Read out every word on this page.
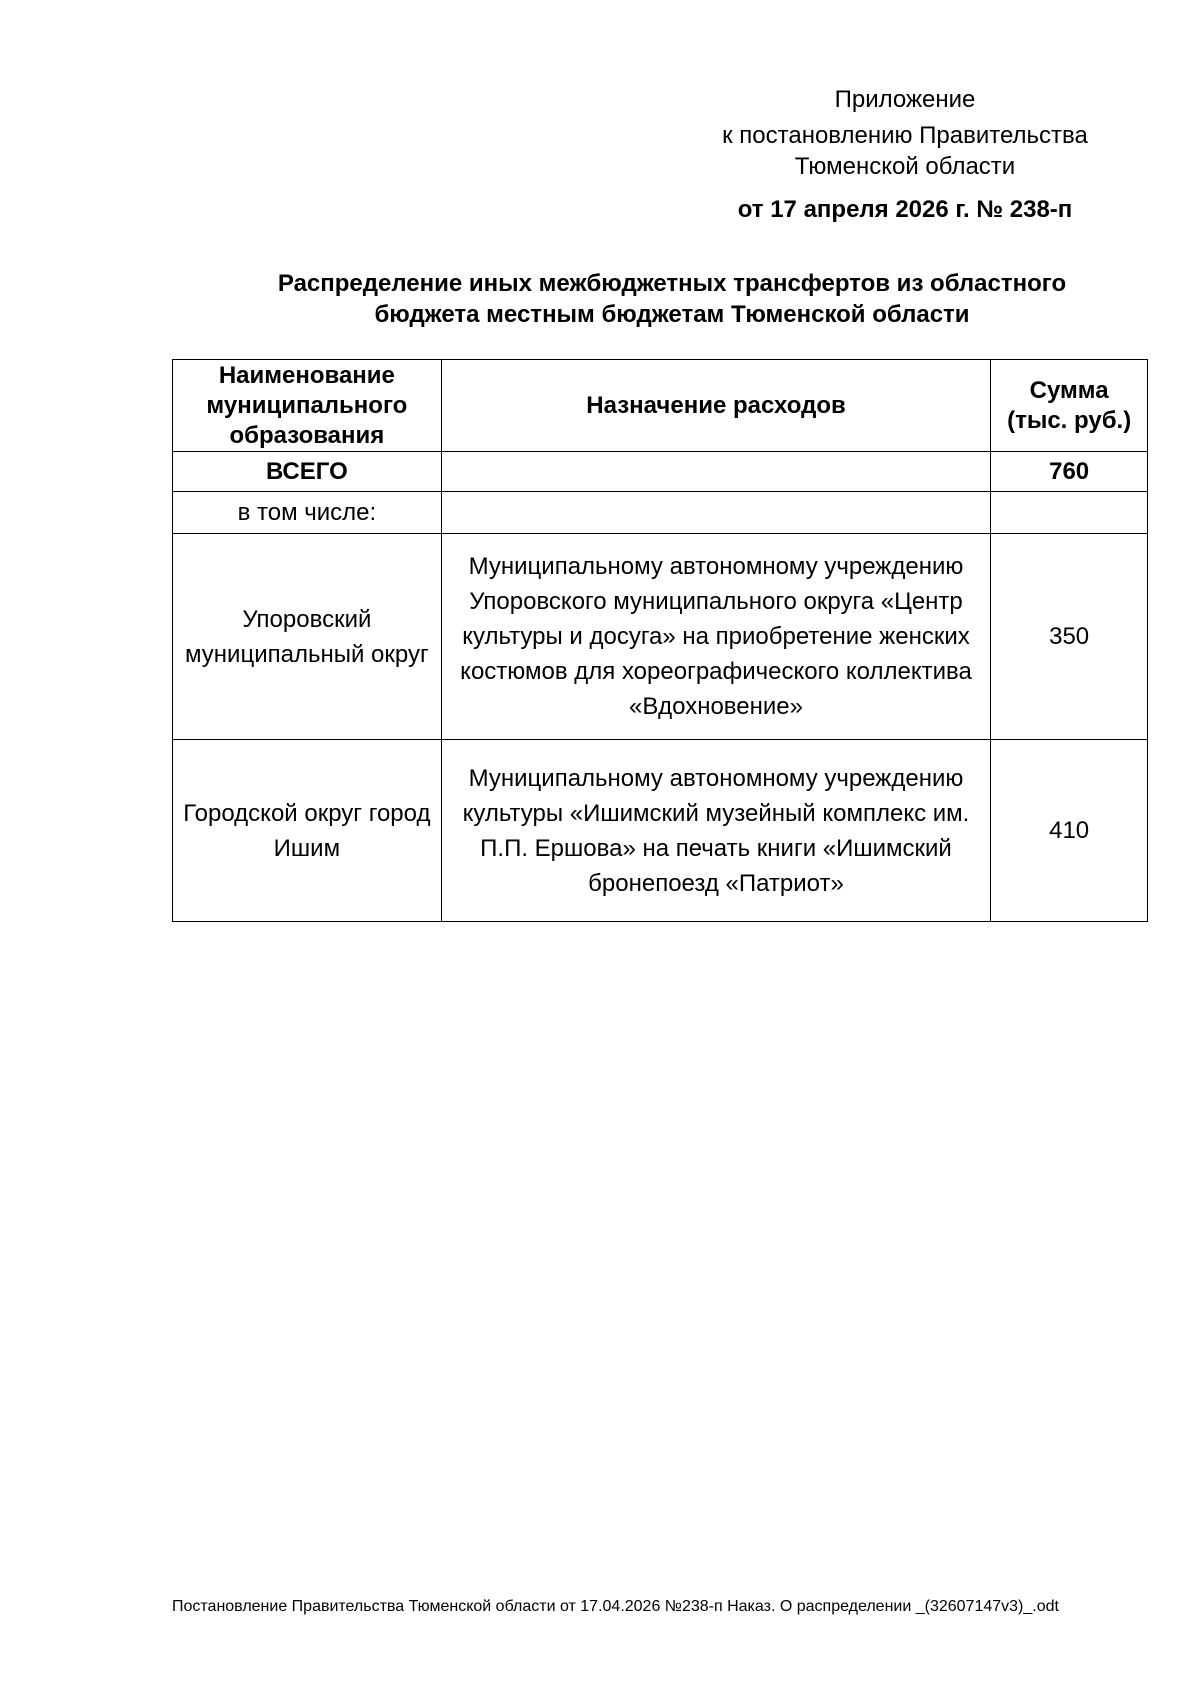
Приложение
к постановлению Правительства
Тюменской области
от 17 апреля 2026 г. № 238-п
Распределение иных межбюджетных трансфертов из областного
бюджета местным бюджетам Тюменской области
Наименование муниципального образования	Назначение расходов	Сумма (тыс. руб.)
ВСЕГО		760
в том числе:		
Упоровский муниципальный округ	Муниципальному автономному учреждению Упоровского муниципального округа «Центр культуры и досуга» на приобретение женских костюмов для хореографического коллектива «Вдохновение»	350
Городской округ город Ишим	Муниципальному автономному учреждению культуры «Ишимский музейный комплекс им. П.П. Ершова» на печать книги «Ишимский бронепоезд «Патриот»	410
Постановление Правительства Тюменской области от 17.04.2026 №238-п Наказ. О распределении _(32607147v3)_.odt
